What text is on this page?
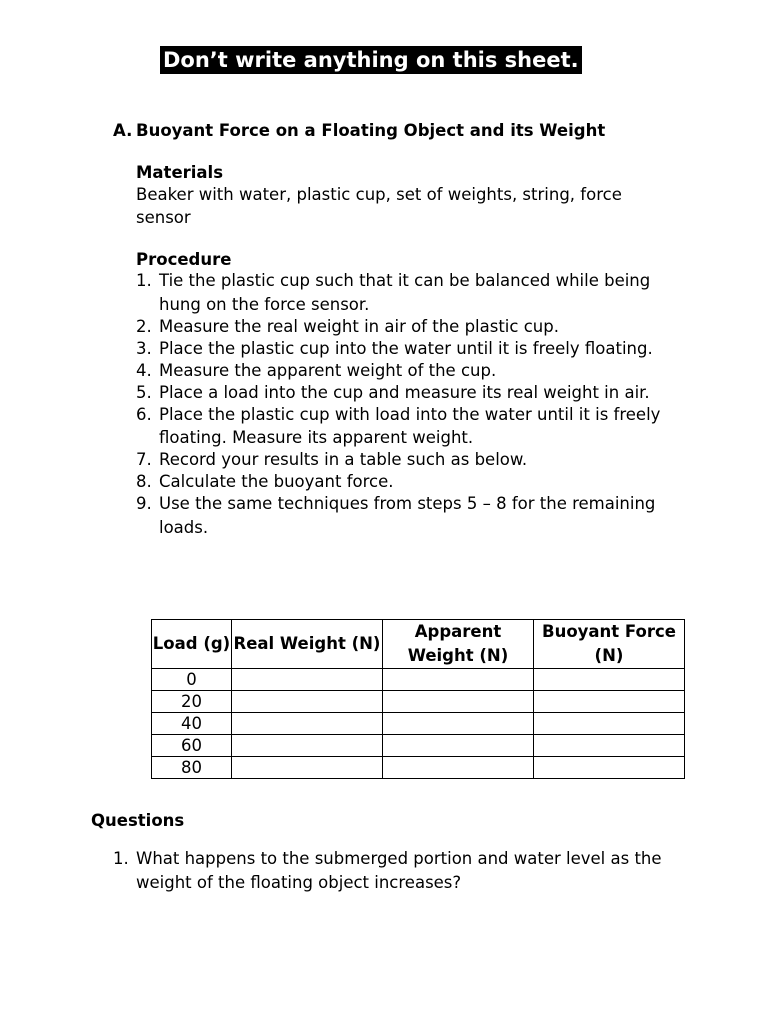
Don’t write anything on this sheet.
A. Buoyant Force on a Floating Object and its Weight
Materials
Beaker with water, plastic cup, set of weights, string, force sensor
Procedure
1. Tie the plastic cup such that it can be balanced while being hung on the force sensor.
2. Measure the real weight in air of the plastic cup.
3. Place the plastic cup into the water until it is freely floating.
4. Measure the apparent weight of the cup.
5. Place a load into the cup and measure its real weight in air.
6. Place the plastic cup with load into the water until it is freely floating. Measure its apparent weight.
7. Record your results in a table such as below.
8. Calculate the buoyant force.
9. Use the same techniques from steps 5 – 8 for the remaining loads.
Load (g)	Real Weight (N)	Apparent Weight (N)	Buoyant Force (N)
0			
20			
40			
60			
80			
Questions
1. What happens to the submerged portion and water level as the weight of the floating object increases?
